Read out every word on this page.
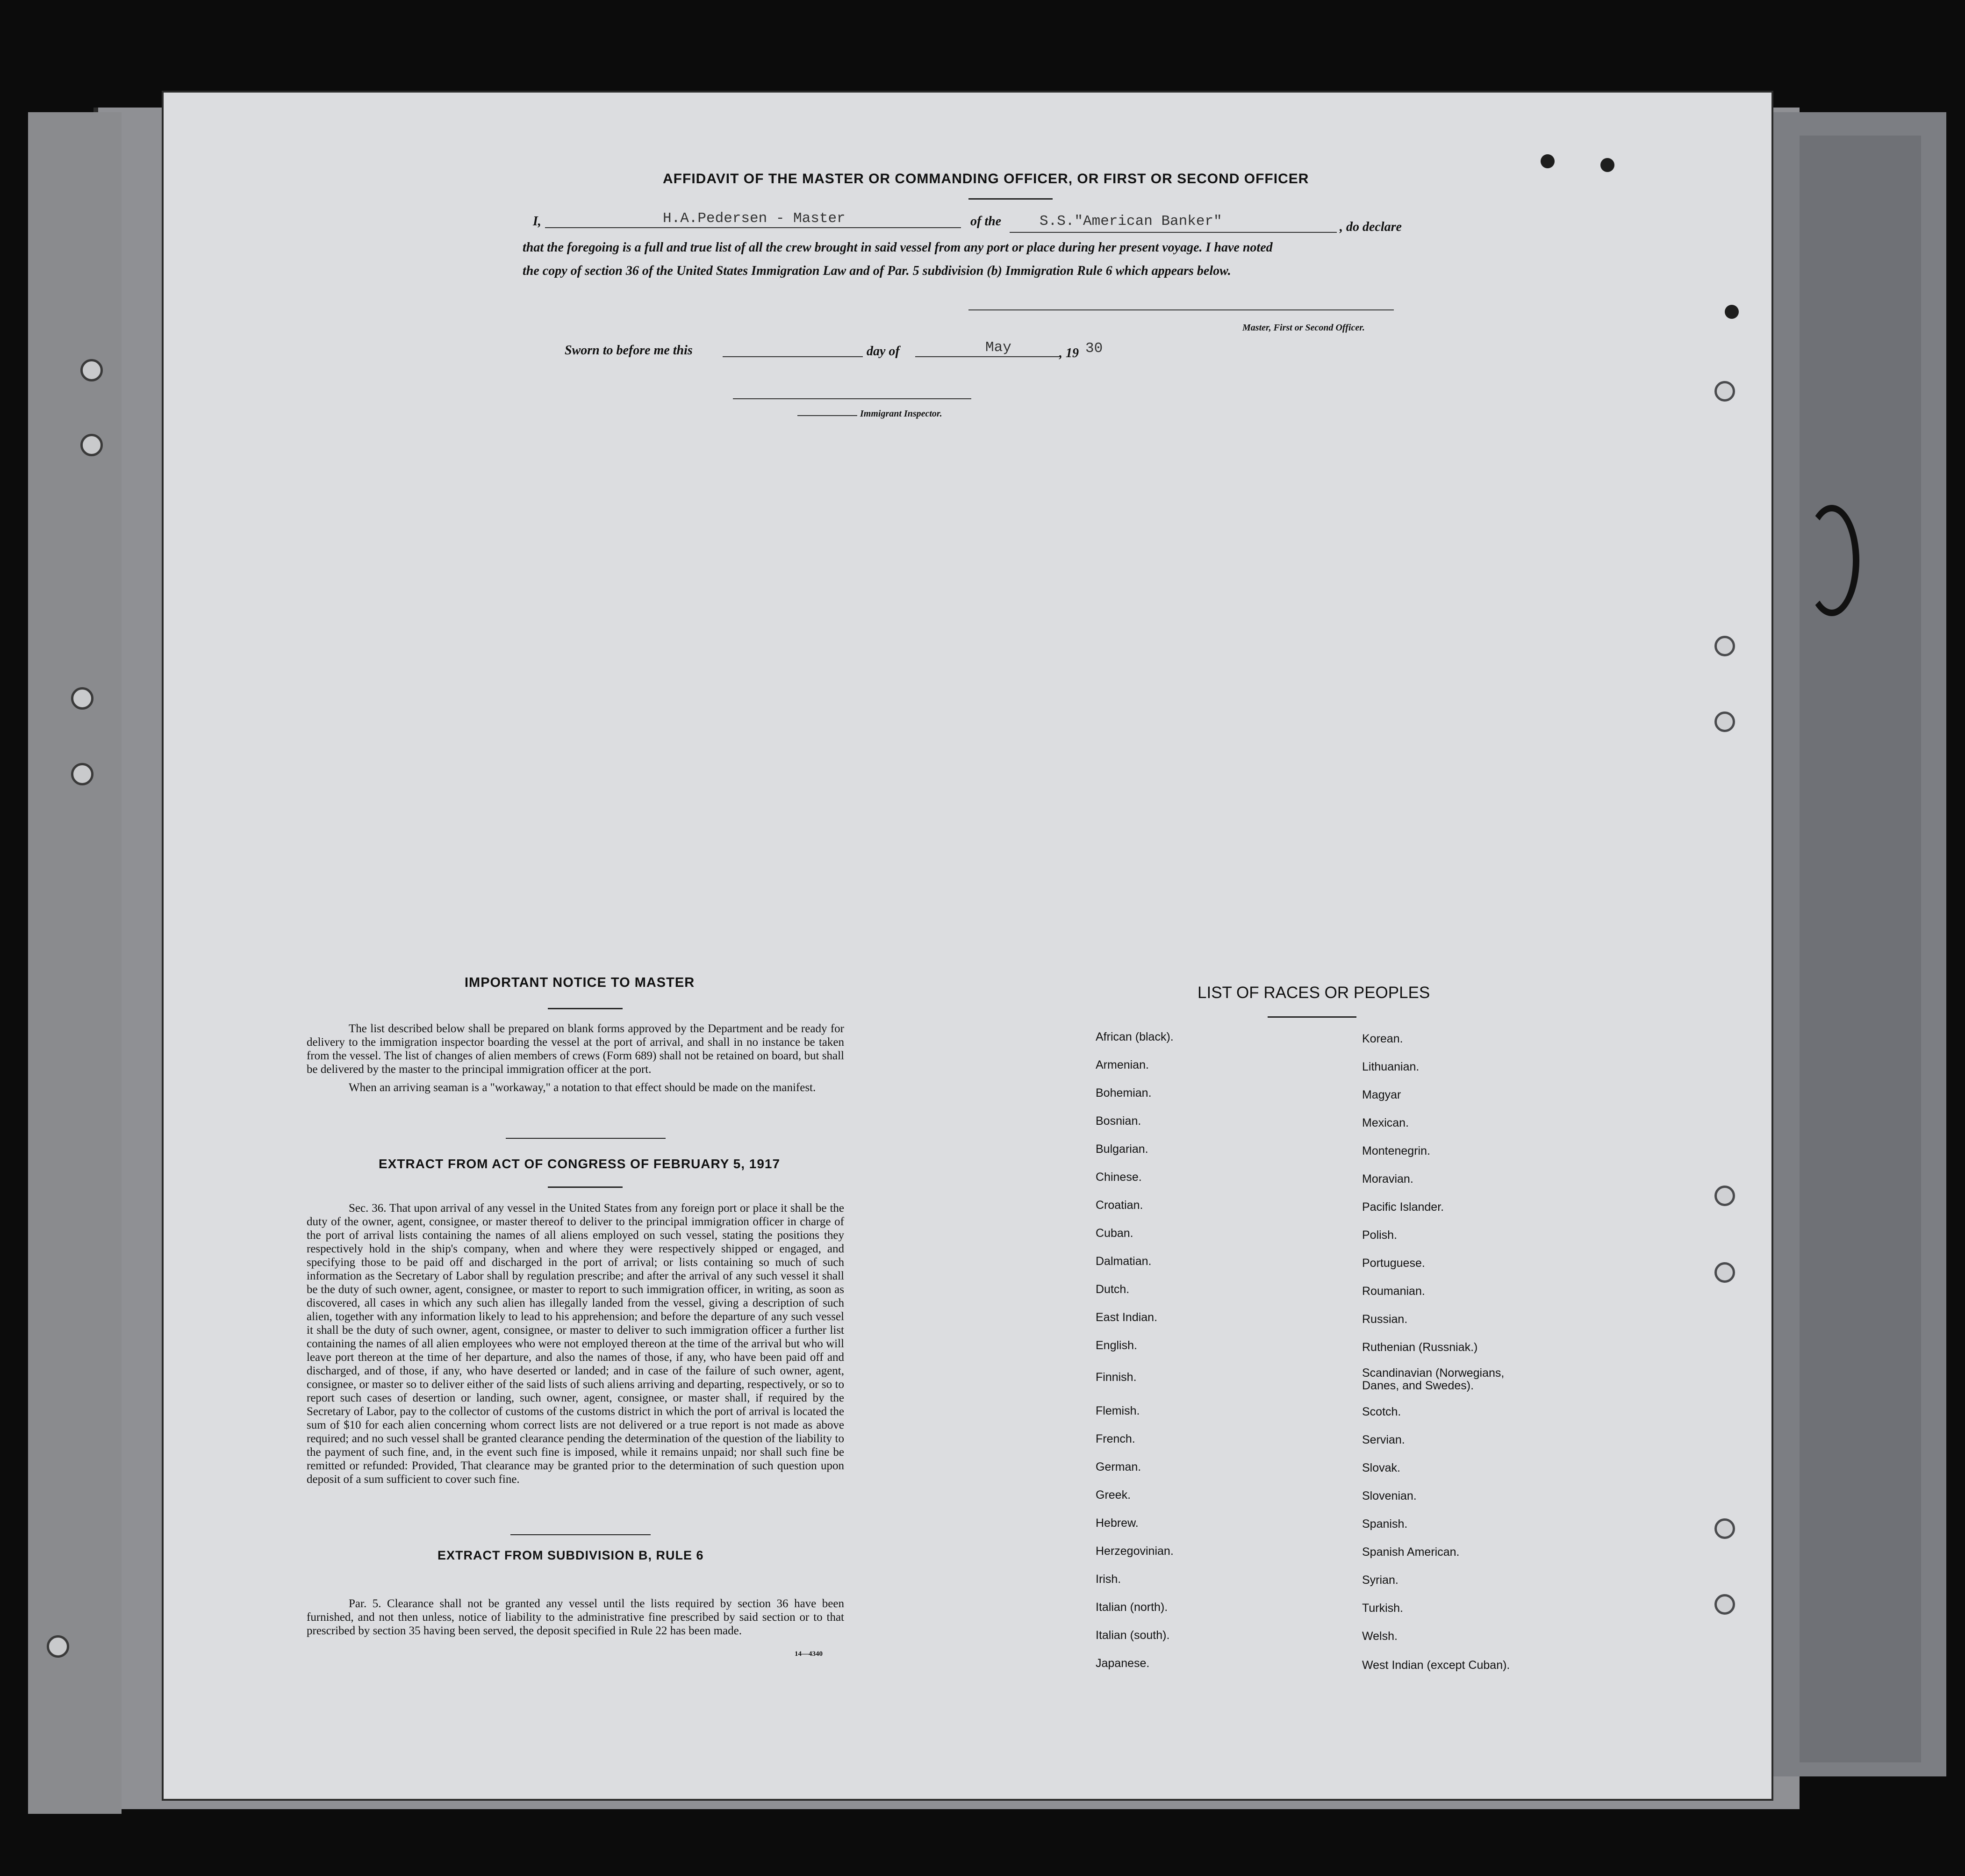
AFFIDAVIT OF THE MASTER OR COMMANDING OFFICER, OR FIRST OR SECOND OFFICER
I,	H.A.Pedersen - Master	of the	S.S."American Banker"	, do declare
that the foregoing is a full and true list of all the crew brought in said vessel from any port or place during her present voyage. I have noted
the copy of section 36 of the United States Immigration Law and of Par. 5 subdivision (b) Immigration Rule 6 which appears below.
Master, First or Second Officer.
Sworn to before me this	day of	May	, 19 30
Immigrant Inspector.
IMPORTANT NOTICE TO MASTER

The list described below shall be prepared on blank forms approved by the Department and be ready for delivery to the immigration inspector boarding the vessel at the port of arrival, and shall in no instance be taken from the vessel. The list of changes of alien members of crews (Form 689) shall not be retained on board, but shall be delivered by the master to the principal immigration officer at the port.

When an arriving seaman is a "workaway," a notation to that effect should be made on the manifest.

EXTRACT FROM ACT OF CONGRESS OF FEBRUARY 5, 1917

Sec. 36. That upon arrival of any vessel in the United States from any foreign port or place it shall be the duty of the owner, agent, consignee, or master thereof to deliver to the principal immigration officer in charge of the port of arrival lists containing the names of all aliens employed on such vessel, stating the positions they respectively hold in the ship's company, when and where they were respectively shipped or engaged, and specifying those to be paid off and discharged in the port of arrival; or lists containing so much of such information as the Secretary of Labor shall by regulation prescribe; and after the arrival of any such vessel it shall be the duty of such owner, agent, consignee, or master to report to such immigration officer, in writing, as soon as discovered, all cases in which any such alien has illegally landed from the vessel, giving a description of such alien, together with any information likely to lead to his apprehension; and before the departure of any such vessel it shall be the duty of such owner, agent, consignee, or master to deliver to such immigration officer a further list containing the names of all alien employees who were not employed thereon at the time of the arrival but who will leave port thereon at the time of her departure, and also the names of those, if any, who have been paid off and discharged, and of those, if any, who have deserted or landed; and in case of the failure of such owner, agent, consignee, or master so to deliver either of the said lists of such aliens arriving and departing, respectively, or so to report such cases of desertion or landing, such owner, agent, consignee, or master shall, if required by the Secretary of Labor, pay to the collector of customs of the customs district in which the port of arrival is located the sum of $10 for each alien concerning whom correct lists are not delivered or a true report is not made as above required; and no such vessel shall be granted clearance pending the determination of the question of the liability to the payment of such fine, and, in the event such fine is imposed, while it remains unpaid; nor shall such fine be remitted or refunded: Provided, That clearance may be granted prior to the determination of such question upon deposit of a sum sufficient to cover such fine.

EXTRACT FROM SUBDIVISION B, RULE 6

Par. 5. Clearance shall not be granted any vessel until the lists required by section 36 have been furnished, and not then unless, notice of liability to the administrative fine prescribed by said section or to that prescribed by section 35 having been served, the deposit specified in Rule 22 has been made.

14—4340
LIST OF RACES OR PEOPLES
African (black).
Armenian.
Bohemian.
Bosnian.
Bulgarian.
Chinese.
Croatian.
Cuban.
Dalmatian.
Dutch.
East Indian.
English.
Finnish.
Flemish.
French.
German.
Greek.
Hebrew.
Herzegovinian.
Irish.
Italian (north).
Italian (south).
Japanese.
Korean.
Lithuanian.
Magyar
Mexican.
Montenegrin.
Moravian.
Pacific Islander.
Polish.
Portuguese.
Roumanian.
Russian.
Ruthenian (Russniak.)
Scandinavian (Norwegians, Danes, and Swedes).
Scotch.
Servian.
Slovak.
Slovenian.
Spanish.
Spanish American.
Syrian.
Turkish.
Welsh.
West Indian (except Cuban).
